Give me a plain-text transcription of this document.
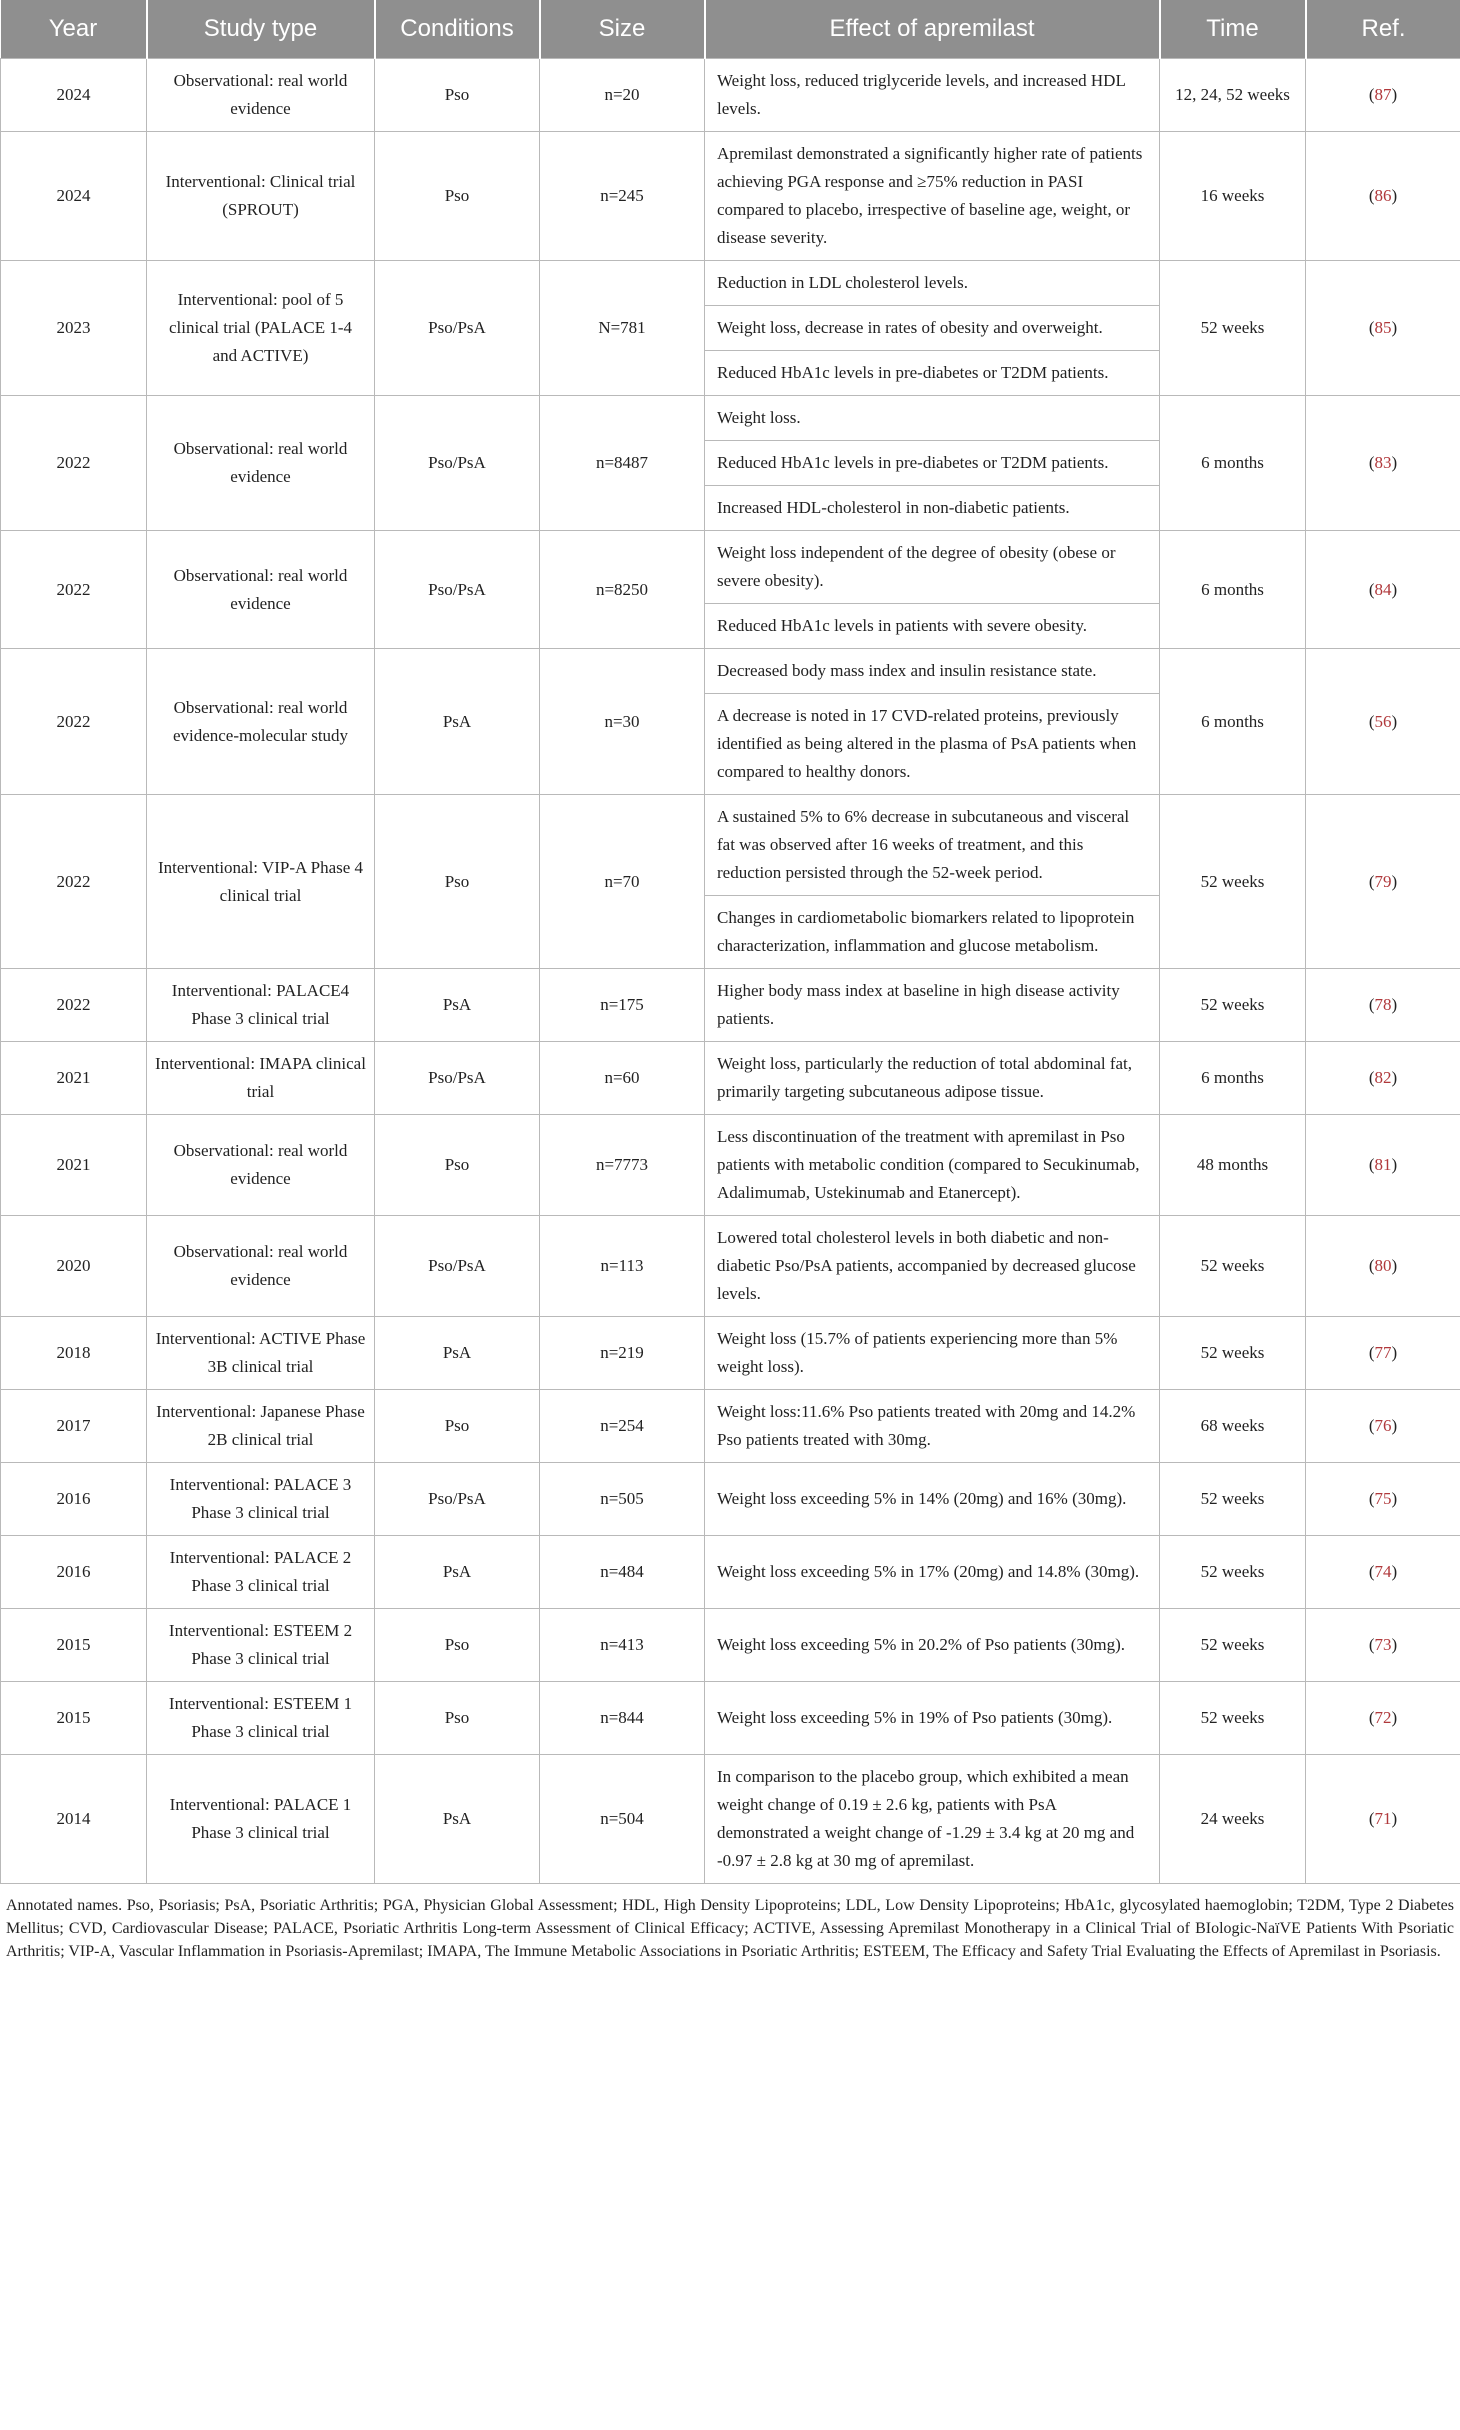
Year	Study type	Conditions	Size	Effect of apremilast	Time	Ref.
2024	Observational: real world evidence	Pso	n=20	Weight loss, reduced triglyceride levels, and increased HDL levels.	12, 24, 52 weeks	(87)
2024	Interventional: Clinical trial (SPROUT)	Pso	n=245	Apremilast demonstrated a significantly higher rate of patients achieving PGA response and ≥75% reduction in PASI compared to placebo, irrespective of baseline age, weight, or disease severity.	16 weeks	(86)
2023	Interventional: pool of 5 clinical trial (PALACE 1-4 and ACTIVE)	Pso/PsA	N=781	Reduction in LDL cholesterol levels.
Weight loss, decrease in rates of obesity and overweight.
Reduced HbA1c levels in pre-diabetes or T2DM patients.	52 weeks	(85)
2022	Observational: real world evidence	Pso/PsA	n=8487	Weight loss.
Reduced HbA1c levels in pre-diabetes or T2DM patients.
Increased HDL-cholesterol in non-diabetic patients.	6 months	(83)
2022	Observational: real world evidence	Pso/PsA	n=8250	Weight loss independent of the degree of obesity (obese or severe obesity).
Reduced HbA1c levels in patients with severe obesity.	6 months	(84)
2022	Observational: real world evidence-molecular study	PsA	n=30	Decreased body mass index and insulin resistance state.
A decrease is noted in 17 CVD-related proteins, previously identified as being altered in the plasma of PsA patients when compared to healthy donors.	6 months	(56)
2022	Interventional: VIP-A Phase 4 clinical trial	Pso	n=70	A sustained 5% to 6% decrease in subcutaneous and visceral fat was observed after 16 weeks of treatment, and this reduction persisted through the 52-week period.
Changes in cardiometabolic biomarkers related to lipoprotein characterization, inflammation and glucose metabolism.	52 weeks	(79)
2022	Interventional: PALACE4 Phase 3 clinical trial	PsA	n=175	Higher body mass index at baseline in high disease activity patients.	52 weeks	(78)
2021	Interventional: IMAPA clinical trial	Pso/PsA	n=60	Weight loss, particularly the reduction of total abdominal fat, primarily targeting subcutaneous adipose tissue.	6 months	(82)
2021	Observational: real world evidence	Pso	n=7773	Less discontinuation of the treatment with apremilast in Pso patients with metabolic condition (compared to Secukinumab, Adalimumab, Ustekinumab and Etanercept).	48 months	(81)
2020	Observational: real world evidence	Pso/PsA	n=113	Lowered total cholesterol levels in both diabetic and non-diabetic Pso/PsA patients, accompanied by decreased glucose levels.	52 weeks	(80)
2018	Interventional: ACTIVE Phase 3B clinical trial	PsA	n=219	Weight loss (15.7% of patients experiencing more than 5% weight loss).	52 weeks	(77)
2017	Interventional: Japanese Phase 2B clinical trial	Pso	n=254	Weight loss:11.6% Pso patients treated with 20mg and 14.2% Pso patients treated with 30mg.	68 weeks	(76)
2016	Interventional: PALACE 3 Phase 3 clinical trial	Pso/PsA	n=505	Weight loss exceeding 5% in 14% (20mg) and 16% (30mg).	52 weeks	(75)
2016	Interventional: PALACE 2 Phase 3 clinical trial	PsA	n=484	Weight loss exceeding 5% in 17% (20mg) and 14.8% (30mg).	52 weeks	(74)
2015	Interventional: ESTEEM 2 Phase 3 clinical trial	Pso	n=413	Weight loss exceeding 5% in 20.2% of Pso patients (30mg).	52 weeks	(73)
2015	Interventional: ESTEEM 1 Phase 3 clinical trial	Pso	n=844	Weight loss exceeding 5% in 19% of Pso patients (30mg).	52 weeks	(72)
2014	Interventional: PALACE 1 Phase 3 clinical trial	PsA	n=504	In comparison to the placebo group, which exhibited a mean weight change of 0.19 ± 2.6 kg, patients with PsA demonstrated a weight change of -1.29 ± 3.4 kg at 20 mg and -0.97 ± 2.8 kg at 30 mg of apremilast.	24 weeks	(71)
Annotated names. Pso, Psoriasis; PsA, Psoriatic Arthritis; PGA, Physician Global Assessment; HDL, High Density Lipoproteins; LDL, Low Density Lipoproteins; HbA1c, glycosylated haemoglobin; T2DM, Type 2 Diabetes Mellitus; CVD, Cardiovascular Disease; PALACE, Psoriatic Arthritis Long-term Assessment of Clinical Efficacy; ACTIVE, Assessing Apremilast Monotherapy in a Clinical Trial of BIologic-NaïVE Patients With Psoriatic Arthritis; VIP-A, Vascular Inflammation in Psoriasis-Apremilast; IMAPA, The Immune Metabolic Associations in Psoriatic Arthritis; ESTEEM, The Efficacy and Safety Trial Evaluating the Effects of Apremilast in Psoriasis.
